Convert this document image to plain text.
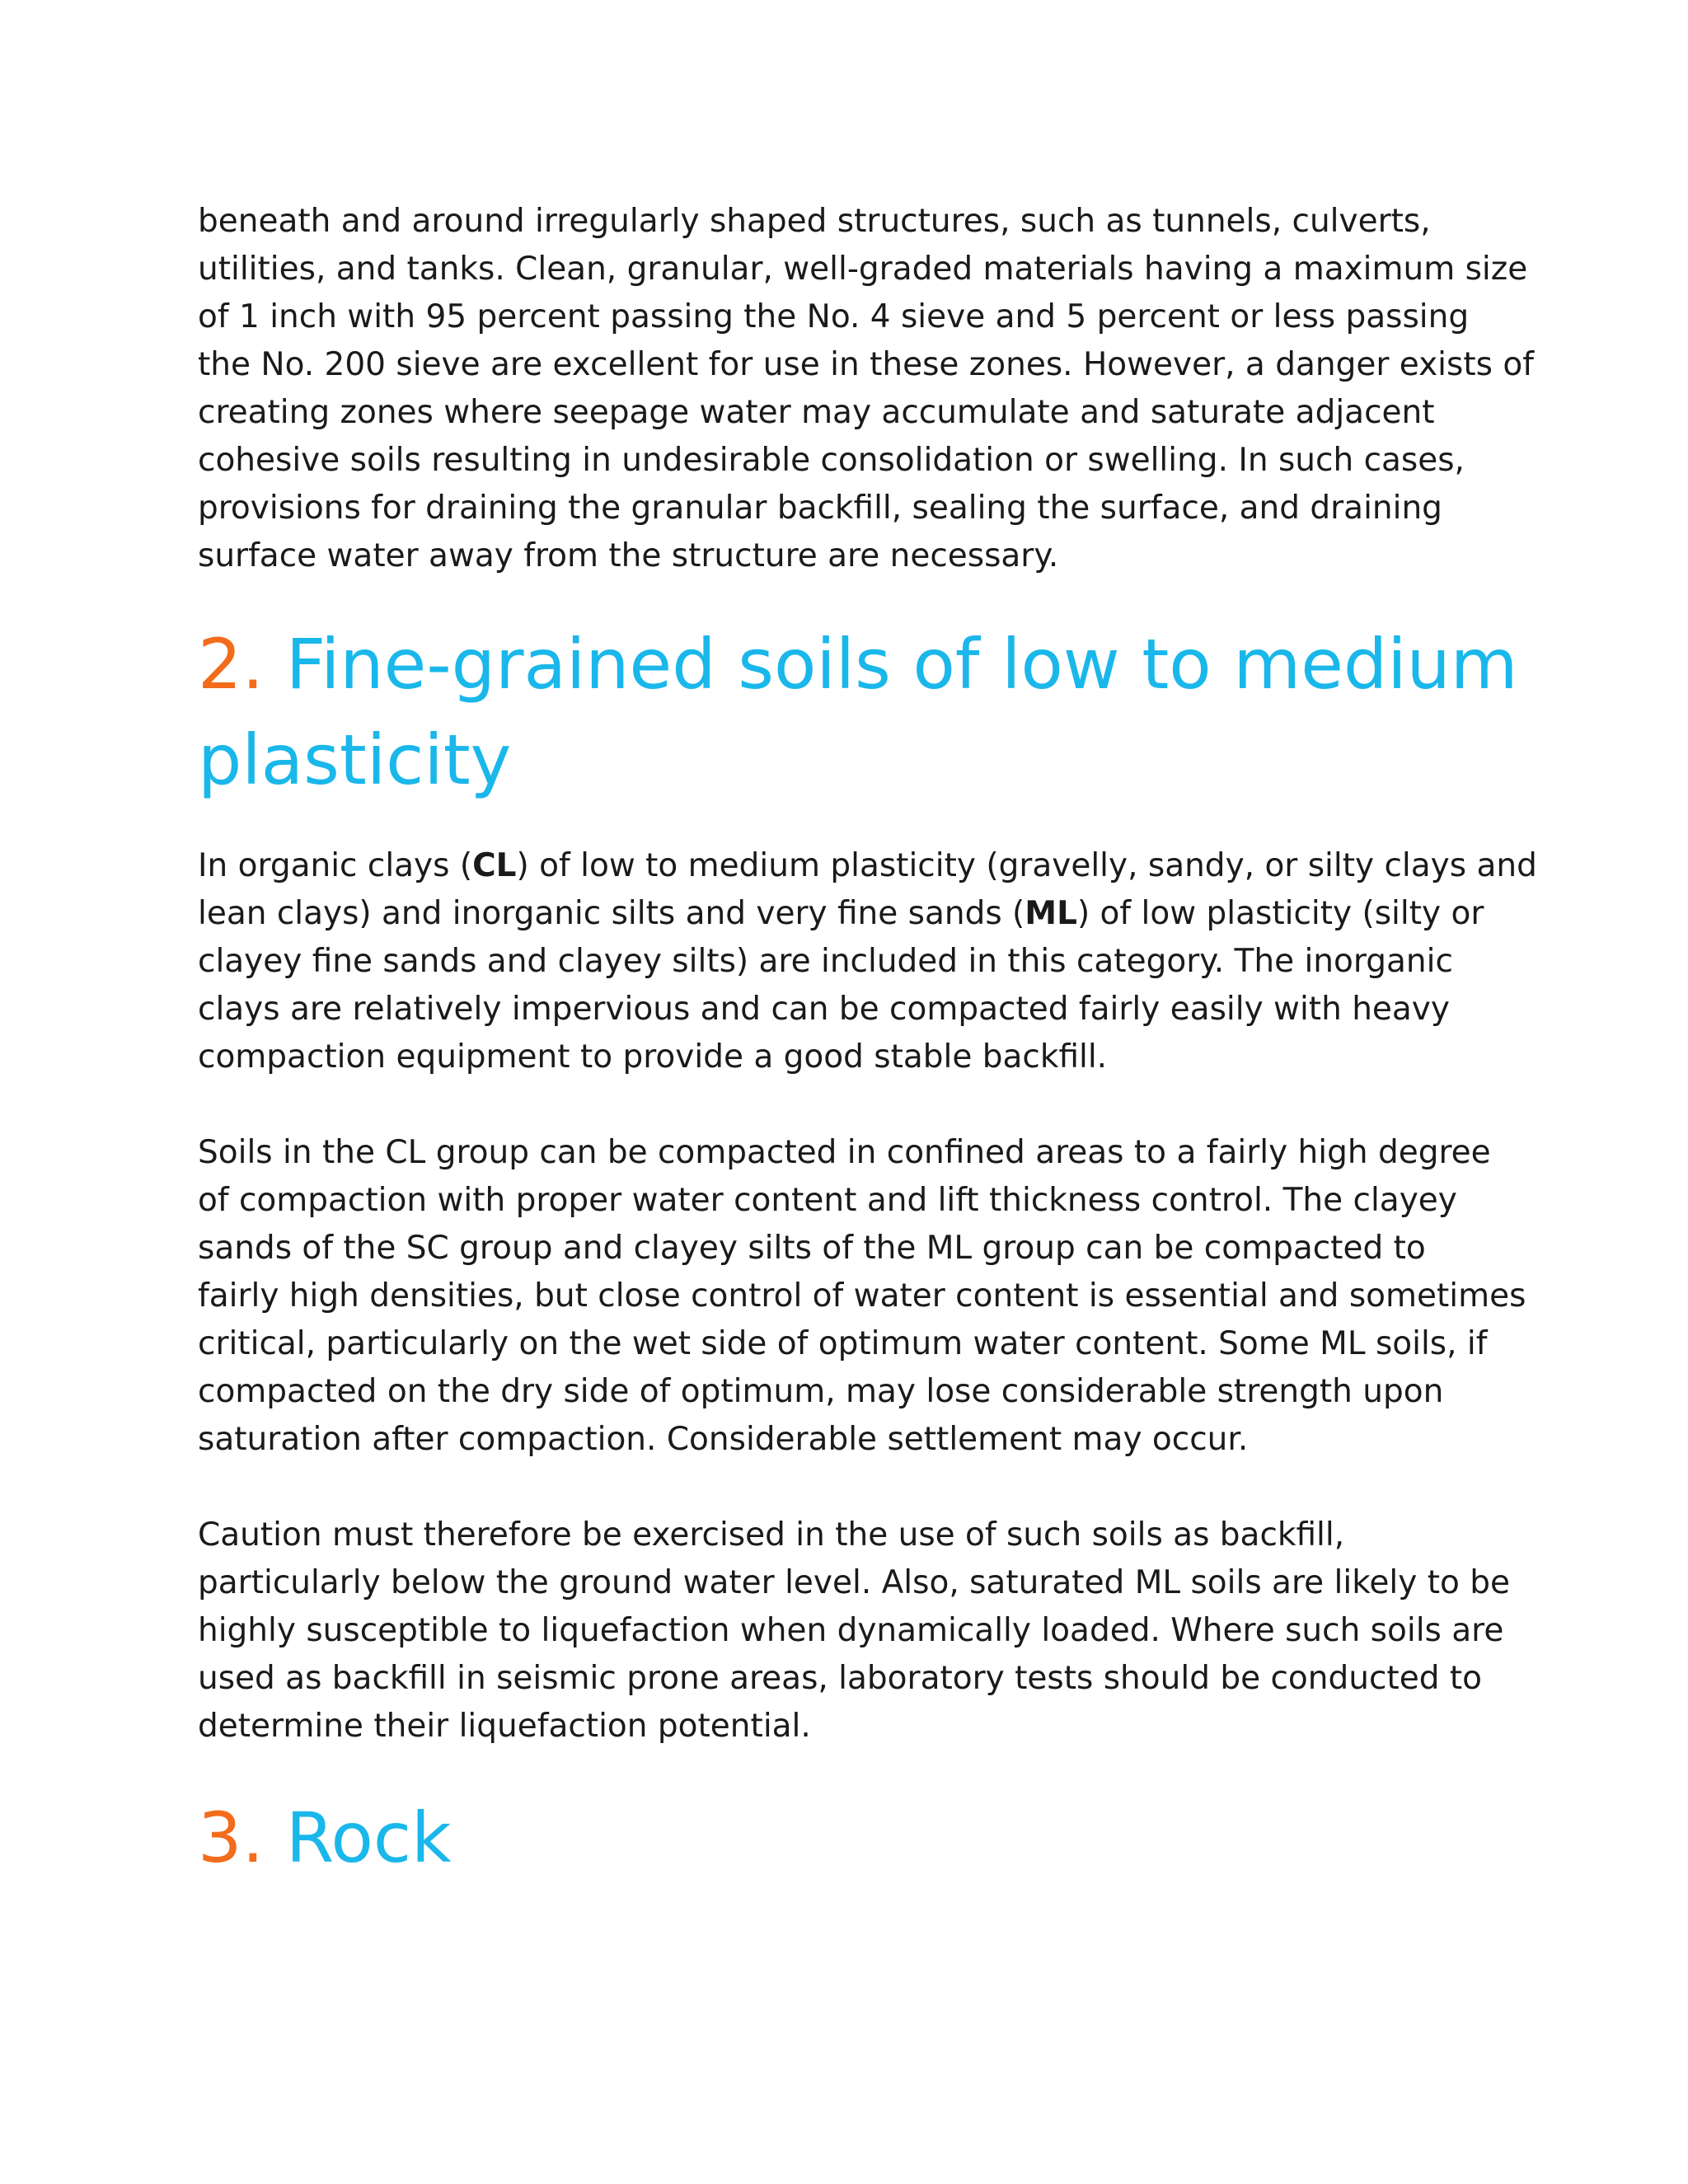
beneath and around irregularly shaped structures, such as tunnels, culverts,
utilities, and tanks. Clean, granular, well-graded materials having a maximum size
of 1 inch with 95 percent passing the No. 4 sieve and 5 percent or less passing
the No. 200 sieve are excellent for use in these zones. However, a danger exists of
creating zones where seepage water may accumulate and saturate adjacent
cohesive soils resulting in undesirable consolidation or swelling. In such cases,
provisions for draining the granular backfill, sealing the surface, and draining
surface water away from the structure are necessary.

2. Fine-grained soils of low to medium
plasticity

In organic clays (CL) of low to medium plasticity (gravelly, sandy, or silty clays and
lean clays) and inorganic silts and very fine sands (ML) of low plasticity (silty or
clayey fine sands and clayey silts) are included in this category. The inorganic
clays are relatively impervious and can be compacted fairly easily with heavy
compaction equipment to provide a good stable backfill.

Soils in the CL group can be compacted in confined areas to a fairly high degree
of compaction with proper water content and lift thickness control. The clayey
sands of the SC group and clayey silts of the ML group can be compacted to
fairly high densities, but close control of water content is essential and sometimes
critical, particularly on the wet side of optimum water content. Some ML soils, if
compacted on the dry side of optimum, may lose considerable strength upon
saturation after compaction. Considerable settlement may occur.

Caution must therefore be exercised in the use of such soils as backfill,
particularly below the ground water level. Also, saturated ML soils are likely to be
highly susceptible to liquefaction when dynamically loaded. Where such soils are
used as backfill in seismic prone areas, laboratory tests should be conducted to
determine their liquefaction potential.

3. Rock
